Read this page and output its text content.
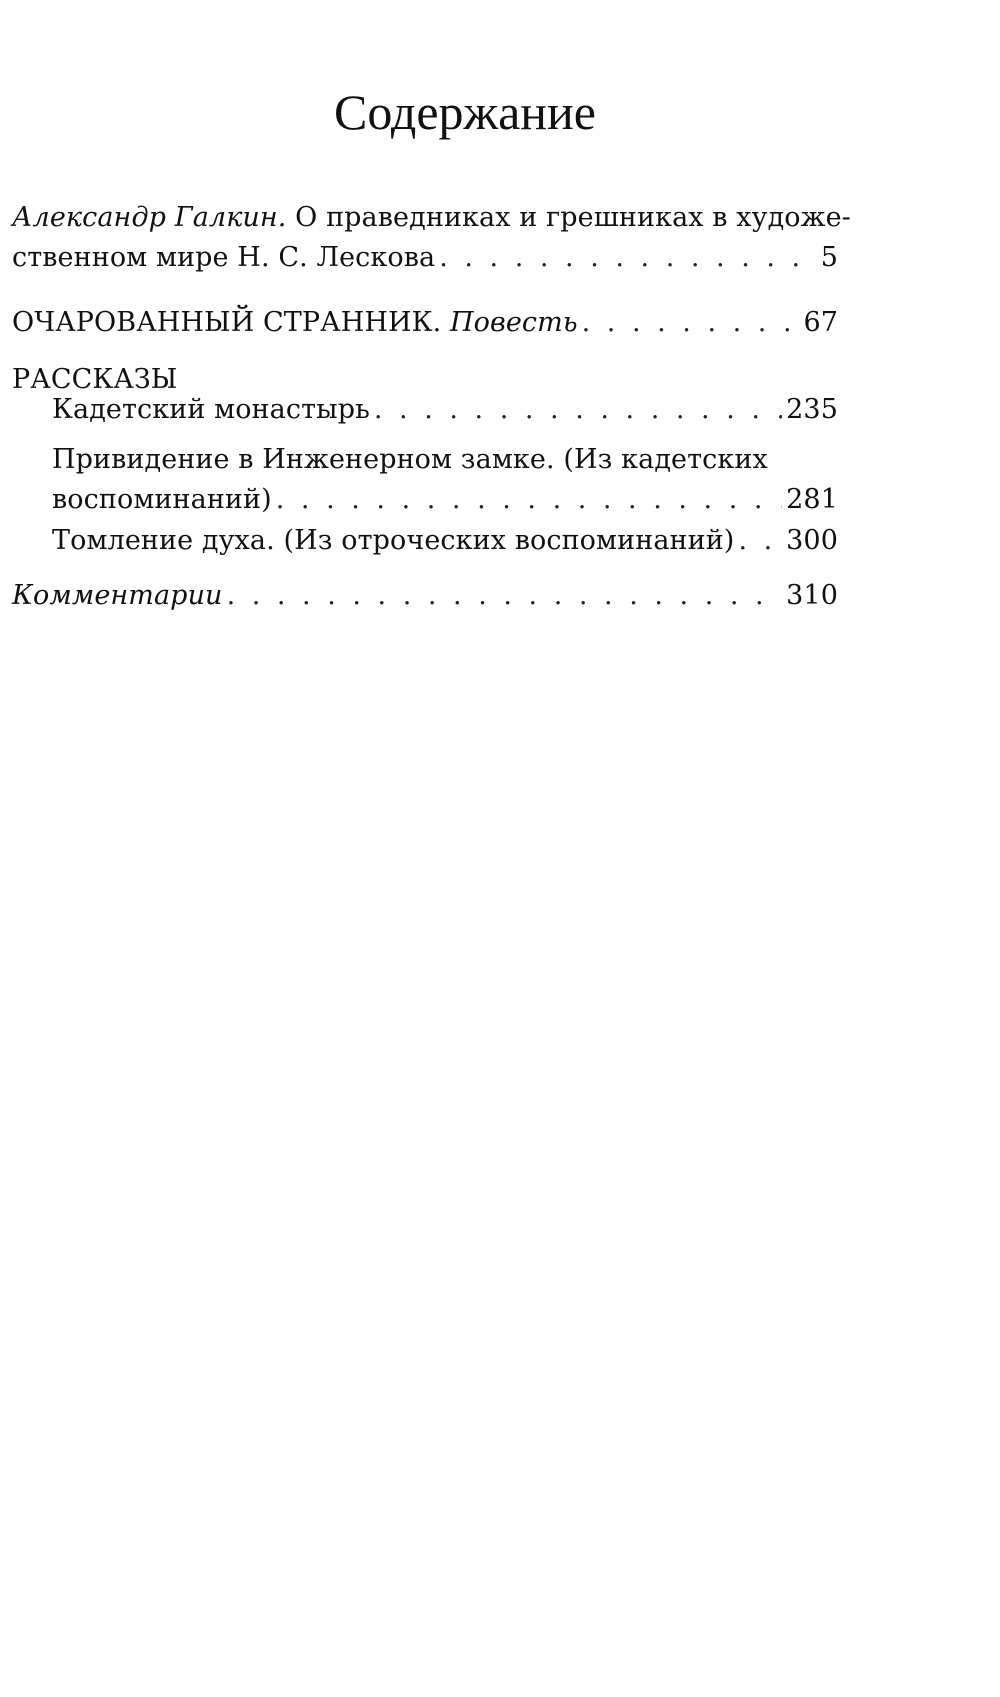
Содержание
Александр Галкин. О праведниках и грешниках в художе-
ственном мире Н. С. Лескова . . .	5
ОЧАРОВАННЫЙ СТРАННИК. Повесть . . .	67
РАССКАЗЫ
Кадетский монастырь . . .	235
Привидение в Инженерном замке. (Из кадетских
воспоминаний) . . .	281
Томление духа. (Из отроческих воспоминаний) . . . 300
Комментарии . . .	310
